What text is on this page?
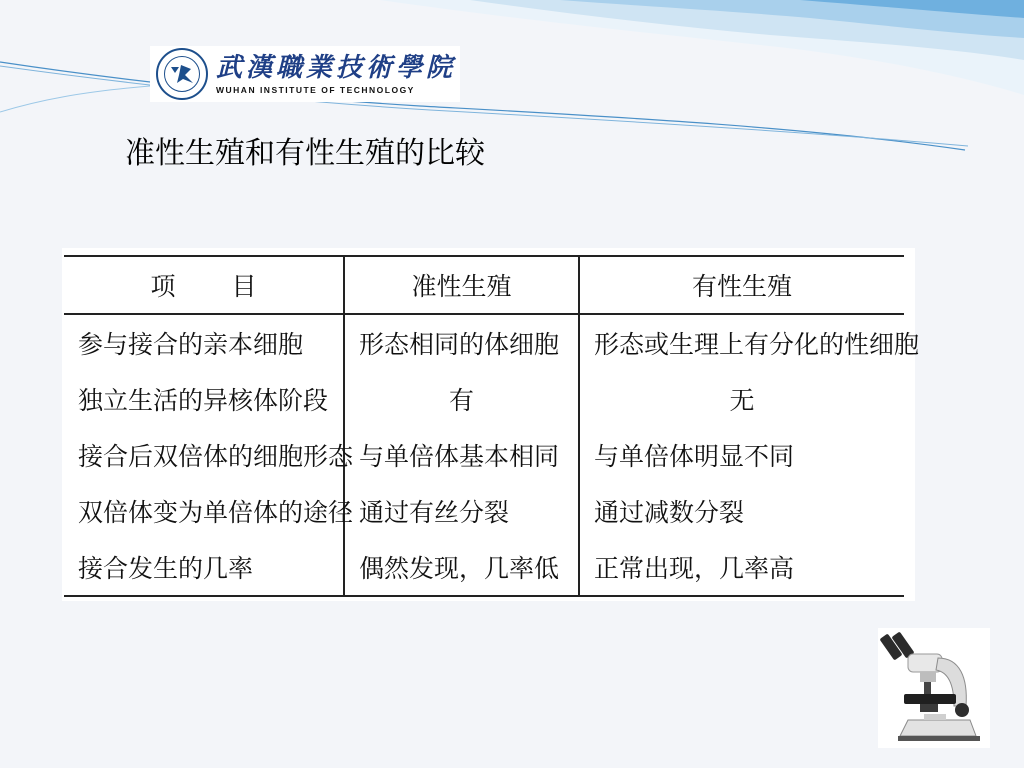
武漢職業技術學院
WUHAN INSTITUTE OF TECHNOLOGY
准性生殖和有性生殖的比较
项 目	准性生殖	有性生殖
参与接合的亲本细胞	形态相同的体细胞	形态或生理上有分化的性细胞
独立生活的异核体阶段	有	无
接合后双倍体的细胞形态	与单倍体基本相同	与单倍体明显不同
双倍体变为单倍体的途径	通过有丝分裂	通过减数分裂
接合发生的几率	偶然发现，几率低	正常出现，几率高
